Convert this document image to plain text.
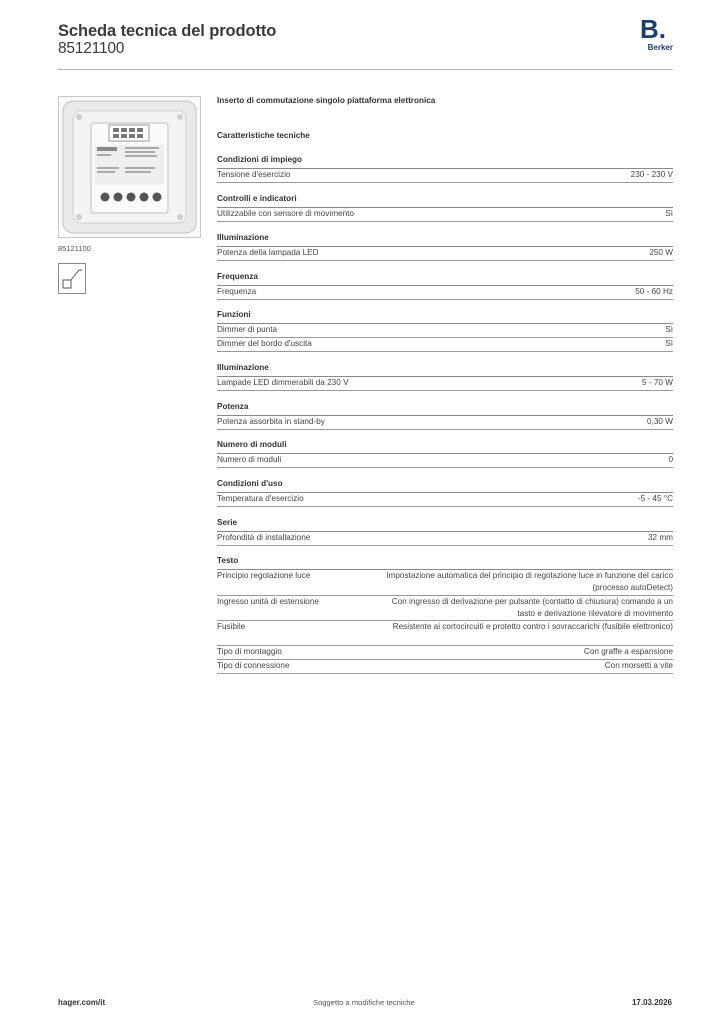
Scheda tecnica del prodotto
85121100
B.
Berker
85121100
Inserto di commutazione singolo piattaforma elettronica
Caratteristiche tecniche
Condizioni di impiego
Tensione d'esercizio	230 - 230 V
Controlli e indicatori
Utilizzabile con sensore di movimento	Sì
Illuminazione
Potenza della lampada LED	250 W
Frequenza
Frequenza	50 - 60 Hz
Funzioni
Dimmer di punta	Sì
Dimmer del bordo d'uscita	Sì
Illuminazione
Lampade LED dimmerabili da 230 V	5 - 70 W
Potenza
Potenza assorbita in stand-by	0,30 W
Numero di moduli
Numero di moduli	0
Condizioni d'uso
Temperatura d'esercizio	-5 - 45 °C
Serie
Profondità di installazione	32 mm
Testo
Principio regolazione luce	Impostazione automatica del principio di regolazione luce in funzione del carico (processo autoDetect)
Ingresso unità di estensione	Con ingresso di derivazione per pulsante (contatto di chiusura) comando a un tasto e derivazione rilevatore di movimento
Fusibile	Resistente ai cortocircuiti e protetto contro i sovraccarichi (fusibile elettronico)
Tipo di montaggio	Con graffe a espansione
Tipo di connessione	Con morsetti a vite
hager.com/it	Soggetto a modifiche tecniche	17.03.2026
